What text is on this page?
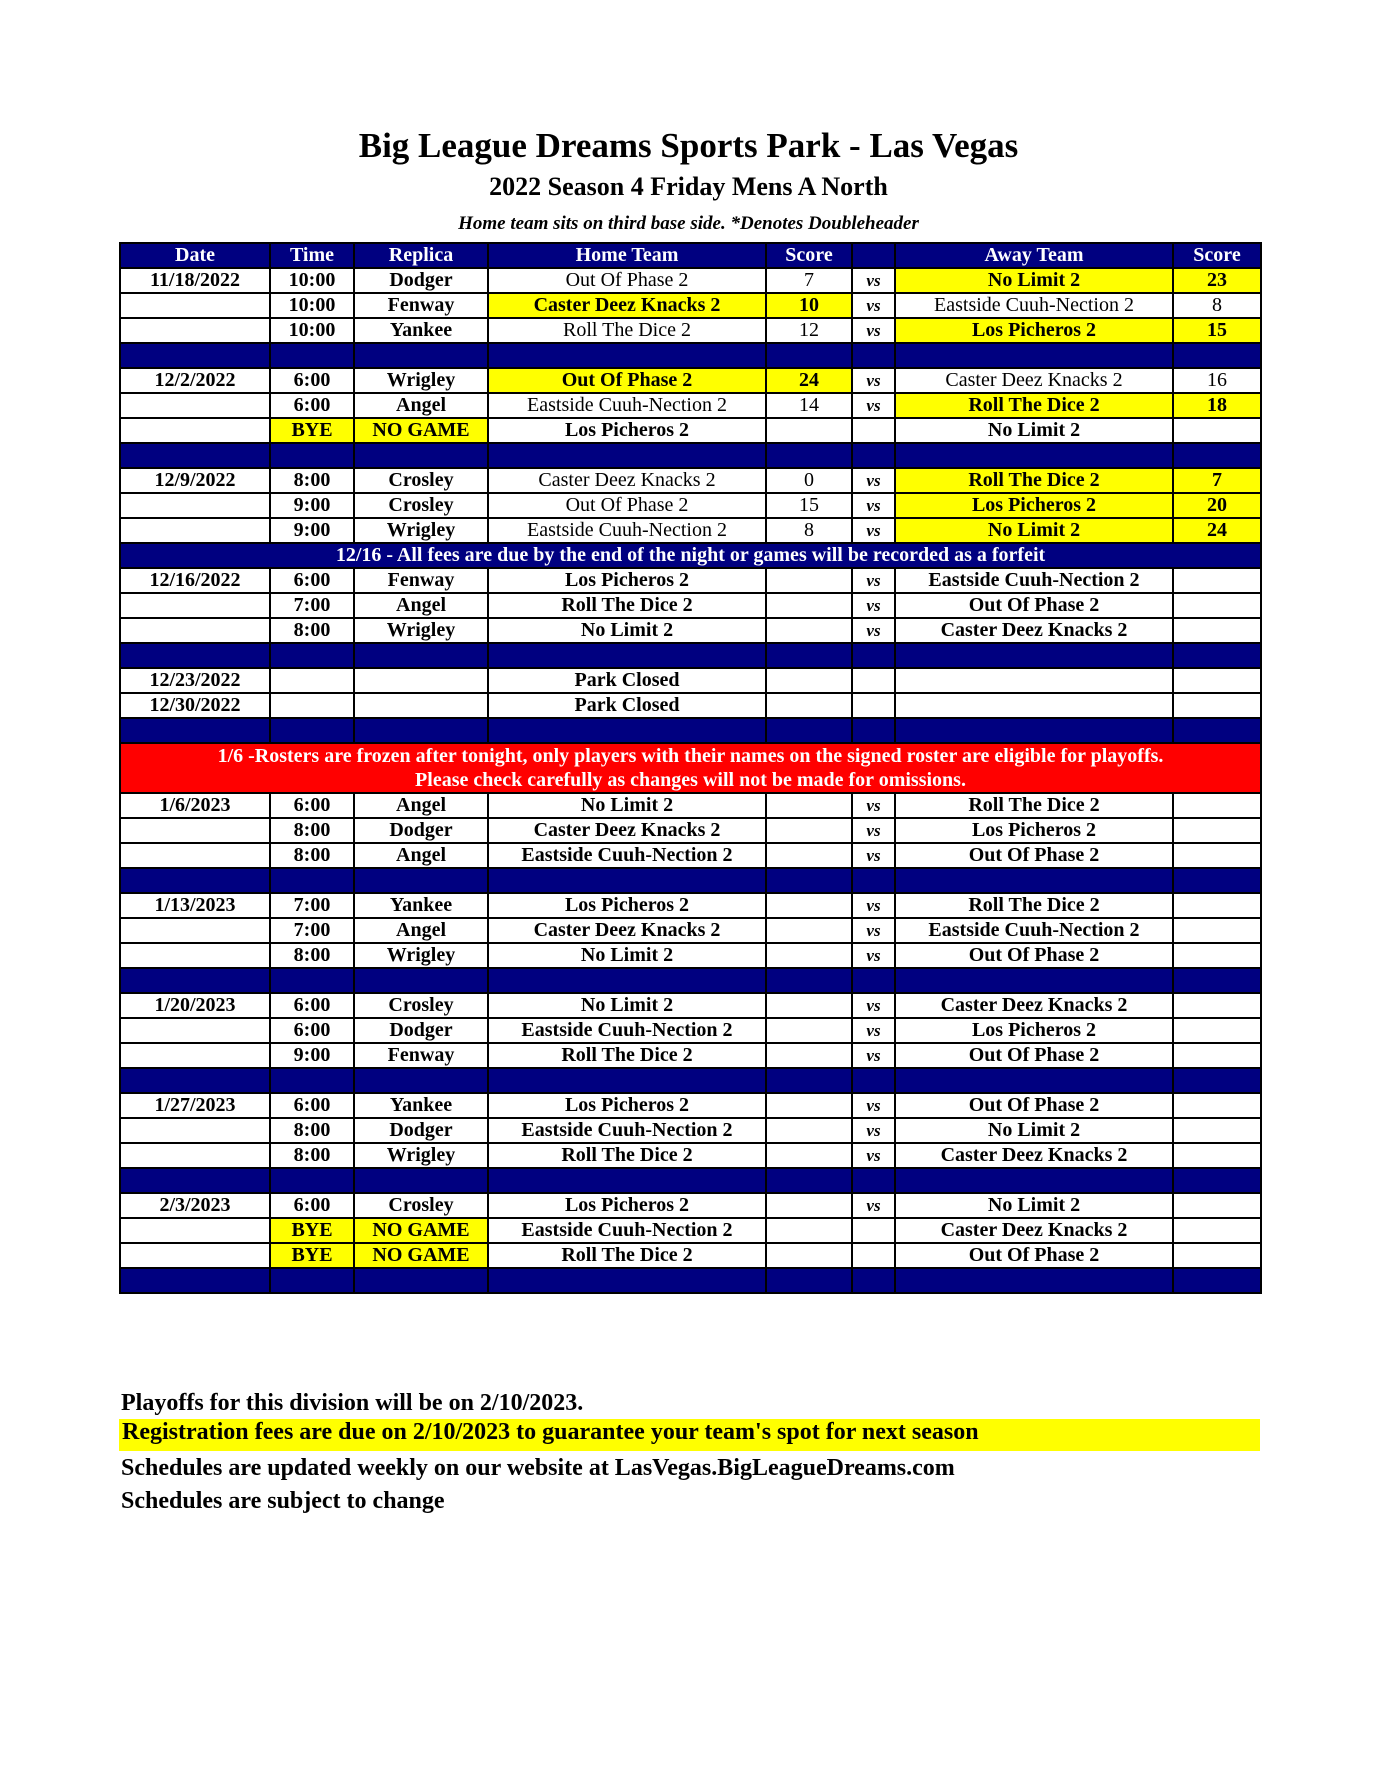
Big League Dreams Sports Park - Las Vegas
2022 Season 4 Friday Mens A North
Home team sits on third base side. *Denotes Doubleheader
Date	Time	Replica	Home Team	Score		Away Team	Score
11/18/2022	10:00	Dodger	Out Of Phase 2	7	vs	No Limit 2	23
	10:00	Fenway	Caster Deez Knacks 2	10	vs	Eastside Cuuh-Nection 2	8
	10:00	Yankee	Roll The Dice 2	12	vs	Los Picheros 2	15

12/2/2022	6:00	Wrigley	Out Of Phase 2	24	vs	Caster Deez Knacks 2	16
	6:00	Angel	Eastside Cuuh-Nection 2	14	vs	Roll The Dice 2	18
	BYE	NO GAME	Los Picheros 2			No Limit 2	

12/9/2022	8:00	Crosley	Caster Deez Knacks 2	0	vs	Roll The Dice 2	7
	9:00	Crosley	Out Of Phase 2	15	vs	Los Picheros 2	20
	9:00	Wrigley	Eastside Cuuh-Nection 2	8	vs	No Limit 2	24
12/16 - All fees are due by the end of the night or games will be recorded as a forfeit							
12/16/2022	6:00	Fenway	Los Picheros 2		vs	Eastside Cuuh-Nection 2	
	7:00	Angel	Roll The Dice 2		vs	Out Of Phase 2	
	8:00	Wrigley	No Limit 2		vs	Caster Deez Knacks 2	

12/23/2022			Park Closed				
12/30/2022			Park Closed				

1/6 -Rosters are frozen after tonight, only players with their names on the signed roster are eligible for playoffs.
Please check carefully as changes will not be made for omissions.							

1/6/2023	6:00	Angel	No Limit 2		vs	Roll The Dice 2	
	8:00	Dodger	Caster Deez Knacks 2		vs	Los Picheros 2	
	8:00	Angel	Eastside Cuuh-Nection 2		vs	Out Of Phase 2	

1/13/2023	7:00	Yankee	Los Picheros 2		vs	Roll The Dice 2	
	7:00	Angel	Caster Deez Knacks 2		vs	Eastside Cuuh-Nection 2	
	8:00	Wrigley	No Limit 2		vs	Out Of Phase 2	

1/20/2023	6:00	Crosley	No Limit 2		vs	Caster Deez Knacks 2	
	6:00	Dodger	Eastside Cuuh-Nection 2		vs	Los Picheros 2	
	9:00	Fenway	Roll The Dice 2		vs	Out Of Phase 2	

1/27/2023	6:00	Yankee	Los Picheros 2		vs	Out Of Phase 2	
	8:00	Dodger	Eastside Cuuh-Nection 2		vs	No Limit 2	
	8:00	Wrigley	Roll The Dice 2		vs	Caster Deez Knacks 2	

2/3/2023	6:00	Crosley	Los Picheros 2		vs	No Limit 2	
	BYE	NO GAME	Eastside Cuuh-Nection 2			Caster Deez Knacks 2	
	BYE	NO GAME	Roll The Dice 2			Out Of Phase 2	

Playoffs for this division will be on 2/10/2023.
Registration fees are due on 2/10/2023 to guarantee your team's spot for next season
Schedules are updated weekly on our website at LasVegas.BigLeagueDreams.com
Schedules are subject to change
